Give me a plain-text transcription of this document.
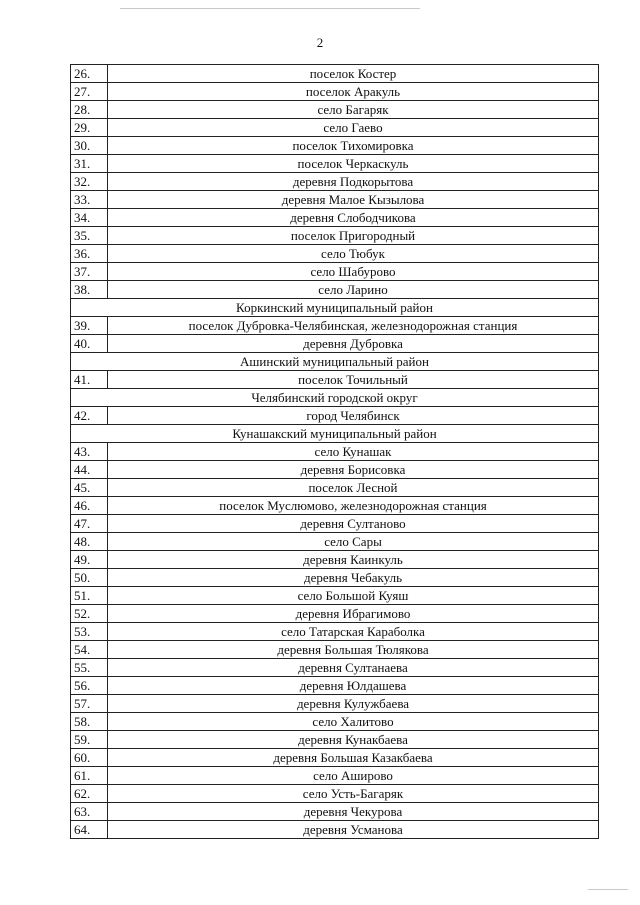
2
26.	поселок Костер
27.	поселок Аракуль
28.	село Багаряк
29.	село Гаево
30.	поселок Тихомировка
31.	поселок Черкаскуль
32.	деревня Подкорытова
33.	деревня Малое Кызылова
34.	деревня Слободчикова
35.	поселок Пригородный
36.	село Тюбук
37.	село Шабурово
38.	село Ларино
Коркинский муниципальный район	
39.	поселок Дубровка-Челябинская, железнодорожная станция
40.	деревня Дубровка
Ашинский муниципальный район	
41.	поселок Точильный
Челябинский городской округ	
42.	город Челябинск
Кунашакский муниципальный район	
43.	село Кунашак
44.	деревня Борисовка
45.	поселок Лесной
46.	поселок Муслюмово, железнодорожная станция
47.	деревня Султаново
48.	село Сары
49.	деревня Каинкуль
50.	деревня Чебакуль
51.	село Большой Куяш
52.	деревня Ибрагимово
53.	село Татарская Караболка
54.	деревня Большая Тюлякова
55.	деревня Султанаева
56.	деревня Юлдашева
57.	деревня Кулужбаева
58.	село Халитово
59.	деревня Кунакбаева
60.	деревня Большая Казакбаева
61.	село Аширово
62.	село Усть-Багаряк
63.	деревня Чекурова
64.	деревня Усманова
